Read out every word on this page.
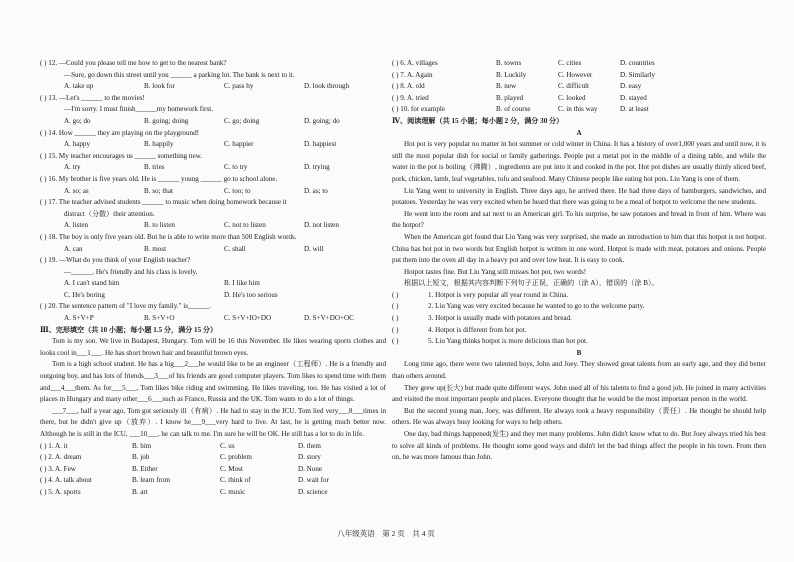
( ) 12. —Could you please tell me how to get to the nearest bank?
—Sure, go down this street until you ______ a parking lot. The bank is next to it.
A. take up	B. look for	C. pass by	D. look through
( ) 13. —Let's ______ to the movies!
—I'm sorry. I must finish______my homework first.
A. go; do	B. going; doing	C. go; doing	D. going; do
( ) 14. How ______ they are playing on the playground!
A. happy	B. happily	C. happier	D. happiest
( ) 15. My teacher encourages us ______ something new.
A. try	B. tries	C. to try	D. trying
( ) 16. My brother is five years old. He is ______ young ______ go to school alone.
A. so; as	B. so; that	C. too; to	D. as; to
( ) 17. The teacher advised students ______ to music when doing homework because it
distract（分散）their attention.
A. listen	B. to listen	C. not to listen	D. not listen
( ) 18. The boy is only five years old. But he is able to write more than 500 English words.
A. can	B. most	C. shall	D. will
( ) 19. —What do you think of your English teacher?
—______. He's friendly and his class is lovely.
A. I can't stand him	B. I like him
C. He's boring	D. He's too serious
( ) 20. The sentence pattern of "I love my family." is______.
A. S+V+P	B. S+V+O	C. S+V+IO+DO	D. S+V+DO+OC
Ⅲ、完形填空（共 10 小题；每小题 1.5 分，满分 15 分）
Tom is my son. We live in Budapest, Hungary. Tom will be 16 this November. He likes wearing sports clothes and looks cool in___1___. He has short brown hair and beautiful brown eyes.
Tom is a high school student. He has a big___2___he would like to be an engineer（工程师）. He is a friendly and outgoing boy, and has lots of friends___3___of his friends are good computer players. Tom likes to spend time with them and___4___them. As for___5___, Tom likes bike riding and swimming. He likes traveling, too. He has visited a lot of places in Hungary and many other___6___such as France, Russia and the UK. Tom wants to do a lot of things.
___7___, half a year ago, Tom got seriously ill（有病）. He had to stay in the ICU. Tom lied very___8___times in there, but he didn't give up（放弃）. I know he___9___very hard to live. At last, he is getting much better now. Although he is still in the ICU, ___10___, he can talk to me. I'm sure he will be OK. He still has a lot to do in life.
( ) 1. A. it	B. him	C. us	D. them
( ) 2. A. dream	B. job	C. problem	D. story
( ) 3. A. Few	B. Either	C. Most	D. None
( ) 4. A. talk about	B. learn from	C. think of	D. wait for
( ) 5. A. sports	B. art	C. music	D. science
( ) 6. A. villages	B. towns	C. cities	D. countries
( ) 7. A. Again	B. Luckily	C. However	D. Similarly
( ) 8. A. old	B. new	C. difficult	D. easy
( ) 9. A. tried	B. played	C. looked	D. stayed
( ) 10. for example	B. of course	C. in this way	D. at least
Ⅳ、阅读理解（共 15 小题；每小题 2 分，满分 30 分）
A
Hot pot is very popular no matter in hot summer or cold winter in China. It has a history of over1,000 years and until now, it is still the most popular dish for social or family gatherings. People put a metal pot in the middle of a dining table, and while the water in the pot is boiling（沸腾）, ingredients are put into it and cooked in the pot. Hot pot dishes are usually thinly sliced beef, pork, chicken, lamb, leaf vegetables, tofu and seafood. Many Chinese people like eating hot pots. Liu Yang is one of them.
Liu Yang went to university in English. Three days ago, he arrived there. He had three days of hamburgers, sandwiches, and potatoes. Yesterday he was very excited when he heard that there was going to be a meal of hotpot to welcome the new students.
He went into the room and sat next to an American girl. To his surprise, he saw potatoes and bread in front of him. Where was the hotpot?
When the American girl found that Liu Yang was very surprised, she made an introduction to him that this hotpot is not hotpot. China has hot pot in two words but English hotpot is written in one word. Hotpot is made with meat, potatoes and onions. People put them into the oven all day in a heavy pot and over low heat. It is easy to cook.
Hotpot tastes fine. But Liu Yang still misses hot pot, two words!
根据以上短文，根据其内容判断下列句子正误，正确的（涂 A），错误的（涂 B）。
( )	1. Hotpot is very popular all year round in China.
( )	2. Liu Yang was very excited because he wanted to go to the welcome party.
( )	3. Hotpot is usually made with potatoes and bread.
( )	4. Hotpot is different from hot pot.
( )	5. Liu Yang thinks hotpot is more delicious than hot pot.
B
Long time ago, there were two talented boys, John and Joey. They showed great talents from an early age, and they did better than others around.
They grew up(长大) but made quite different ways. John used all of his talents to find a good job. He joined in many activities and visited the most important people and places. Everyone thought that he would be the most important person in the world.
But the second young man, Joey, was different. He always took a heavy responsibility（责任）. He thought he should help others. He was always busy looking for ways to help others.
One day, bad things happened(发生) and they met many problems. John didn't know what to do. But Joey always tried his best to solve all kinds of problems. He thought some good ways and didn't let the bad things affect the people in his town. From then on, he was more famous than John.
八年级英语　第 2 页　共 4 页
